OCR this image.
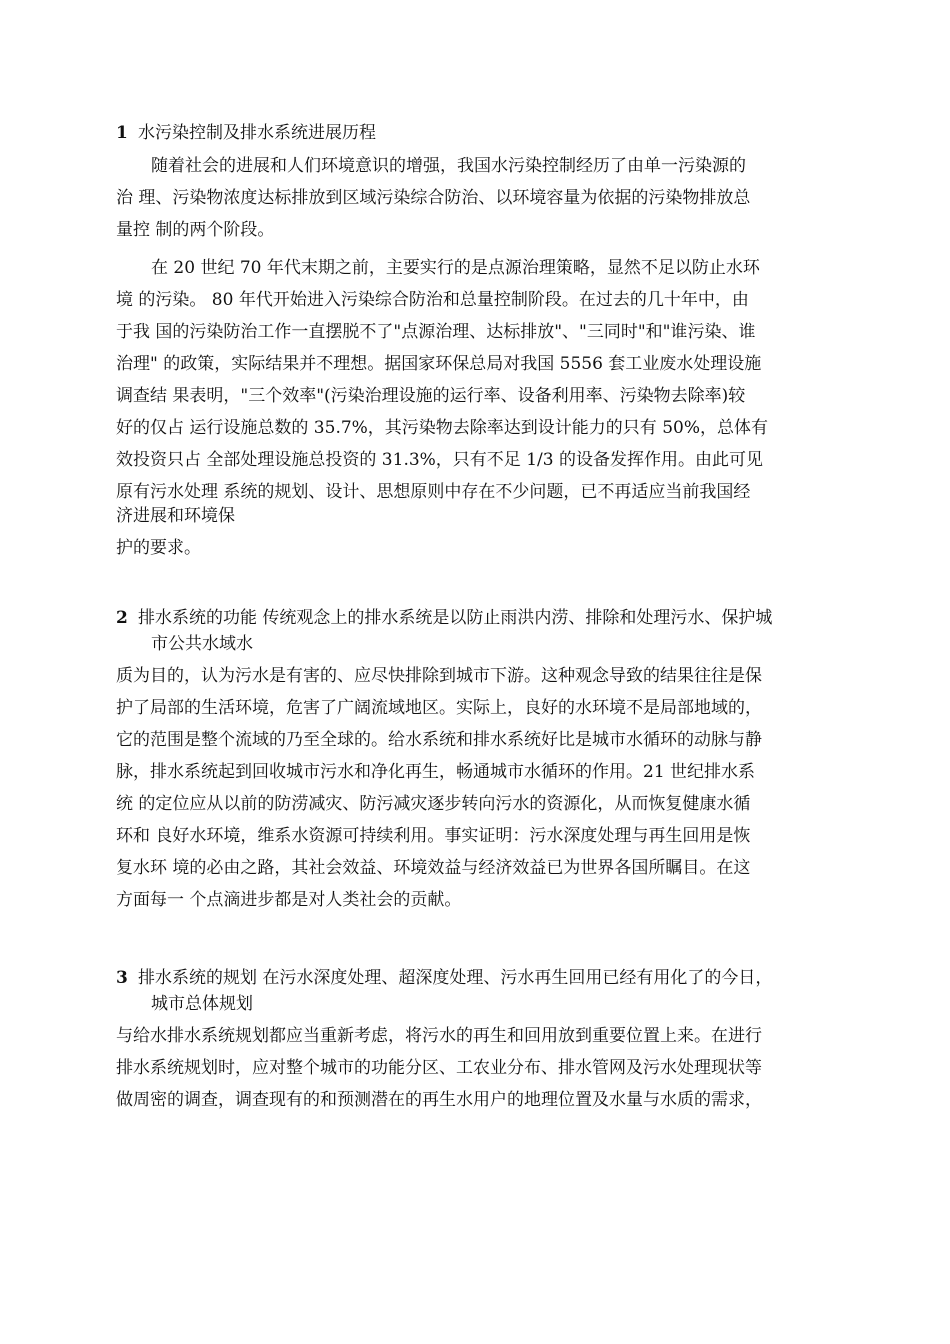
1 水污染控制及排水系统进展历程
随着社会的进展和人们环境意识的增强，我国水污染控制经历了由单一污染源的
治 理、污染物浓度达标排放到区域污染综合防治、以环境容量为依据的污染物排放总
量控 制的两个阶段。
在 20 世纪 70 年代末期之前，主要实行的是点源治理策略，显然不足以防止水环
境 的污染。 80 年代开始进入污染综合防治和总量控制阶段。在过去的几十年中，由
于我 国的污染防治工作一直摆脱不了"点源治理、达标排放"、"三同时"和"谁污染、谁
治理" 的政策，实际结果并不理想。据国家环保总局对我国 5556 套工业废水处理设施
调查结 果表明，"三个效率"(污染治理设施的运行率、设备利用率、污染物去除率)较
好的仅占 运行设施总数的 35.7%，其污染物去除率达到设计能力的只有 50%，总体有
效投资只占 全部处理设施总投资的 31.3%，只有不足 1/3 的设备发挥作用。由此可见
原有污水处理 系统的规划、设计、思想原则中存在不少问题，已不再适应当前我国经
济进展和环境保
护的要求。
2 排水系统的功能 传统观念上的排水系统是以防止雨洪内涝、排除和处理污水、保护城
市公共水域水
质为目的，认为污水是有害的、应尽快排除到城市下游。这种观念导致的结果往往是保
护了局部的生活环境，危害了广阔流域地区。实际上，良好的水环境不是局部地域的，
它的范围是整个流域的乃至全球的。给水系统和排水系统好比是城市水循环的动脉与静
脉，排水系统起到回收城市污水和净化再生，畅通城市水循环的作用。21 世纪排水系
统 的定位应从以前的防涝减灾、防污减灾逐步转向污水的资源化，从而恢复健康水循
环和 良好水环境，维系水资源可持续利用。事实证明：污水深度处理与再生回用是恢
复水环 境的必由之路，其社会效益、环境效益与经济效益已为世界各国所瞩目。在这
方面每一 个点滴进步都是对人类社会的贡献。
3 排水系统的规划 在污水深度处理、超深度处理、污水再生回用已经有用化了的今日，
城市总体规划
与给水排水系统规划都应当重新考虑，将污水的再生和回用放到重要位置上来。在进行
排水系统规划时，应对整个城市的功能分区、工农业分布、排水管网及污水处理现状等
做周密的调查，调查现有的和预测潜在的再生水用户的地理位置及水量与水质的需求，
